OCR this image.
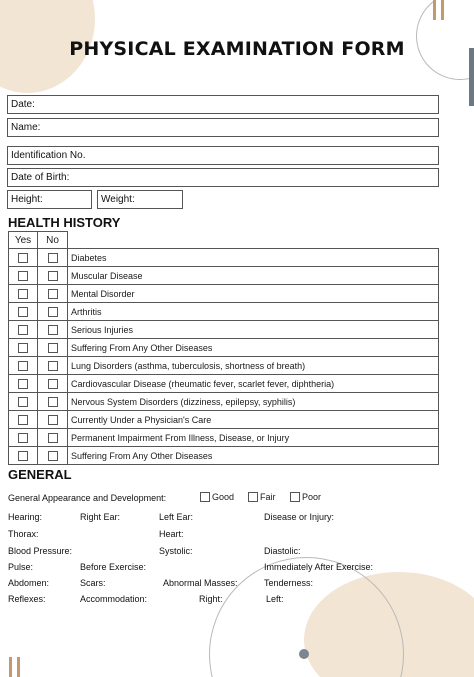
PHYSICAL EXAMINATION FORM
Date:
Name:
Identification No.
Date of Birth:
Height:	Weight:
HEALTH HISTORY
Yes	No	
		Diabetes
		Muscular Disease
		Mental Disorder
		Arthritis
		Serious Injuries
		Suffering From Any Other Diseases
		Lung Disorders (asthma, tuberculosis, shortness of breath)
		Cardiovascular Disease (rheumatic fever, scarlet fever, diphtheria)
		Nervous System Disorders (dizziness, epilepsy, syphilis)
		Currently Under a Physician's Care
		Permanent Impairment From Illness, Disease, or Injury
		Suffering From Any Other Diseases
GENERAL
General Appearance and Development:	Good	Fair	Poor
Hearing:	Right Ear:	Left Ear:	Disease or Injury:
Thorax:	Heart:
Blood Pressure:	Systolic:	Diastolic:
Pulse:	Before Exercise:	Immediately After Exercise:
Abdomen:	Scars:	Abnormal Masses:	Tenderness:
Reflexes:	Accommodation:	Right:	Left:
